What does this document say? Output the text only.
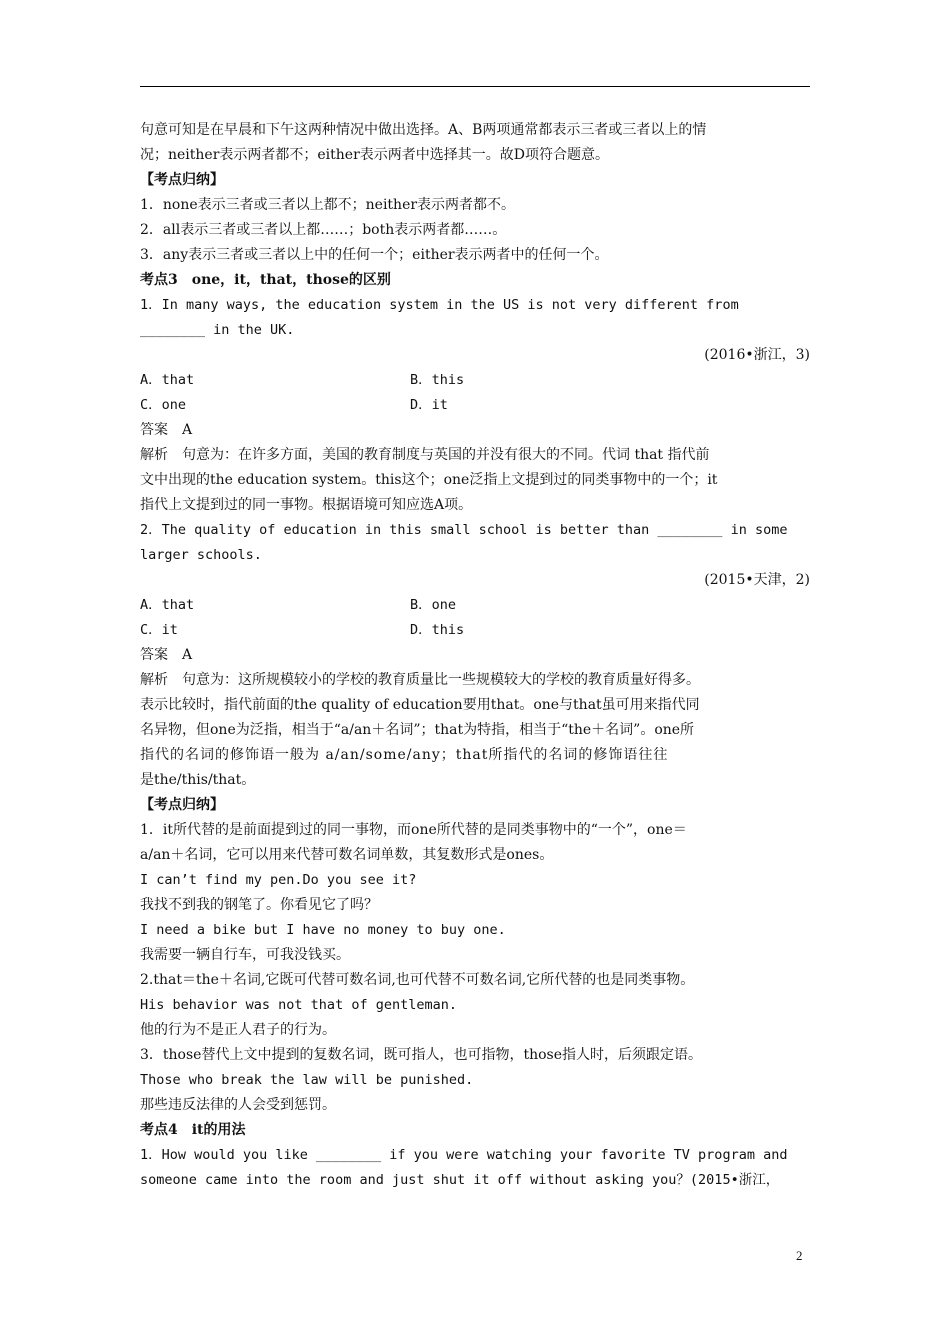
句意可知是在早晨和下午这两种情况中做出选择。A、B两项通常都表示三者或三者以上的情
况；neither表示两者都不；either表示两者中选择其一。故D项符合题意。
【考点归纳】
1．none表示三者或三者以上都不；neither表示两者都不。
2．all表示三者或三者以上都……；both表示两者都……。
3．any表示三者或三者以上中的任何一个；either表示两者中的任何一个。
考点3　one，it，that，those的区别
1．In many ways, the education system in the US is not very different from
________ in the UK.
(2016•浙江，3)
A．that	B．this
C．one	D．it
答案　A
解析　句意为：在许多方面，美国的教育制度与英国的并没有很大的不同。代词 that 指代前
文中出现的the education system。this这个；one泛指上文提到过的同类事物中的一个；it
指代上文提到过的同一事物。根据语境可知应选A项。
2．The quality of education in this small school is better than ________ in some
larger schools.
(2015•天津，2)
A．that	B．one
C．it	D．this
答案　A
解析　句意为：这所规模较小的学校的教育质量比一些规模较大的学校的教育质量好得多。
表示比较时，指代前面的the quality of education要用that。one与that虽可用来指代同
名异物，但one为泛指，相当于“a/an＋名词”；that为特指，相当于“the＋名词”。one所
指代的名词的修饰语一般为 a/an/some/any；that所指代的名词的修饰语往往
是the/this/that。
【考点归纳】
1．it所代替的是前面提到过的同一事物，而one所代替的是同类事物中的“一个”，one＝
a/an＋名词，它可以用来代替可数名词单数，其复数形式是ones。
I can’t find my pen.Do you see it?
我找不到我的钢笔了。你看见它了吗？
I need a bike but I have no money to buy one.
我需要一辆自行车，可我没钱买。
2.that＝the＋名词,它既可代替可数名词,也可代替不可数名词,它所代替的也是同类事物。
His behavior was not that of gentleman.
他的行为不是正人君子的行为。
3．those替代上文中提到的复数名词，既可指人，也可指物，those指人时，后须跟定语。
Those who break the law will be punished.
那些违反法律的人会受到惩罚。
考点4　it的用法
1．How would you like ________ if you were watching your favorite TV program and
someone came into the room and just shut it off without asking you？(2015•浙江，
2
